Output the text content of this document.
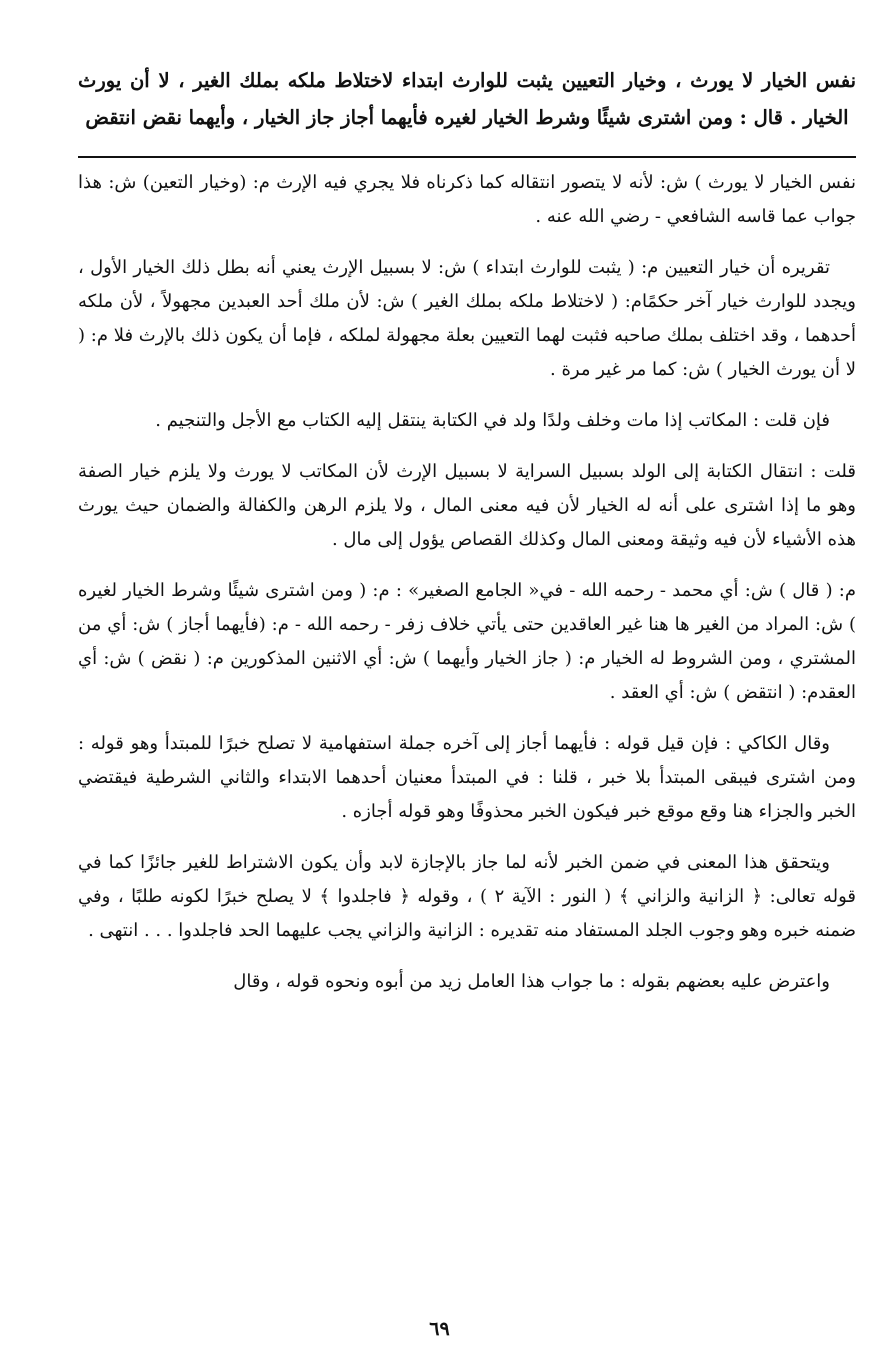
نفس الخيار لا يورث ، وخيار التعيين يثبت للوارث ابتداء لاختلاط ملكه بملك الغير ، لا أن يورث الخيار . قال : ومن اشترى شيئًا وشرط الخيار لغيره فأيهما أجاز جاز الخيار ، وأيهما نقض انتقض

نفس الخيار لا يورث ) ش: لأنه لا يتصور انتقاله كما ذكرناه فلا يجري فيه الإرث م: (وخيار التعين) ش: هذا جواب عما قاسه الشافعي - رضي الله عنه .

تقريره أن خيار التعيين م: ( يثبت للوارث ابتداء ) ش: لا بسبيل الإرث يعني أنه بطل ذلك الخيار الأول ، ويجدد للوارث خيار آخر حكمًام: ( لاختلاط ملكه بملك الغير ) ش: لأن ملك أحد العبدين مجهولاً ، لأن ملكه أحدهما ، وقد اختلف بملك صاحبه فثبت لهما التعيين بعلة مجهولة لملكه ، فإما أن يكون ذلك بالإرث فلا م: ( لا أن يورث الخيار ) ش: كما مر غير مرة .

فإن قلت : المكاتب إذا مات وخلف ولدًا ولد في الكتابة ينتقل إليه الكتاب مع الأجل والتنجيم .

قلت : انتقال الكتابة إلى الولد بسبيل السراية لا بسبيل الإرث لأن المكاتب لا يورث ولا يلزم خيار الصفة وهو ما إذا اشترى على أنه له الخيار لأن فيه معنى المال ، ولا يلزم الرهن والكفالة والضمان حيث يورث هذه الأشياء لأن فيه وثيقة ومعنى المال وكذلك القصاص يؤول إلى مال .

م: ( قال ) ش: أي محمد - رحمه الله - في« الجامع الصغير» : م: ( ومن اشترى شيئًا وشرط الخيار لغيره ) ش: المراد من الغير ها هنا غير العاقدين حتى يأتي خلاف زفر - رحمه الله - م: (فأيهما أجاز ) ش: أي من المشتري ، ومن الشروط له الخيار م: ( جاز الخيار وأيهما ) ش: أي الاثنين المذكورين م: ( نقض ) ش: أي العقدم: ( انتقض ) ش: أي العقد .

وقال الكاكي : فإن قيل قوله : فأيهما أجاز إلى آخره جملة استفهامية لا تصلح خبرًا للمبتدأ وهو قوله : ومن اشترى فيبقى المبتدأ بلا خبر ، قلنا : في المبتدأ معنيان أحدهما الابتداء والثاني الشرطية فيقتضي الخبر والجزاء هنا وقع موقع خبر فيكون الخبر محذوفًا وهو قوله أجازه .

ويتحقق هذا المعنى في ضمن الخبر لأنه لما جاز بالإجازة لابد وأن يكون الاشتراط للغير جائزًا كما في قوله تعالى: ﴿ الزانية والزاني ﴾ ( النور : الآية ٢ ) ، وقوله ﴿ فاجلدوا ﴾ لا يصلح خبرًا لكونه طلبًا ، وفي ضمنه خبره وهو وجوب الجلد المستفاد منه تقديره : الزانية والزاني يجب عليهما الحد فاجلدوا . . . انتهى .

واعترض عليه بعضهم بقوله : ما جواب هذا العامل زيد من أبوه ونحوه قوله ، وقال

٦٩
